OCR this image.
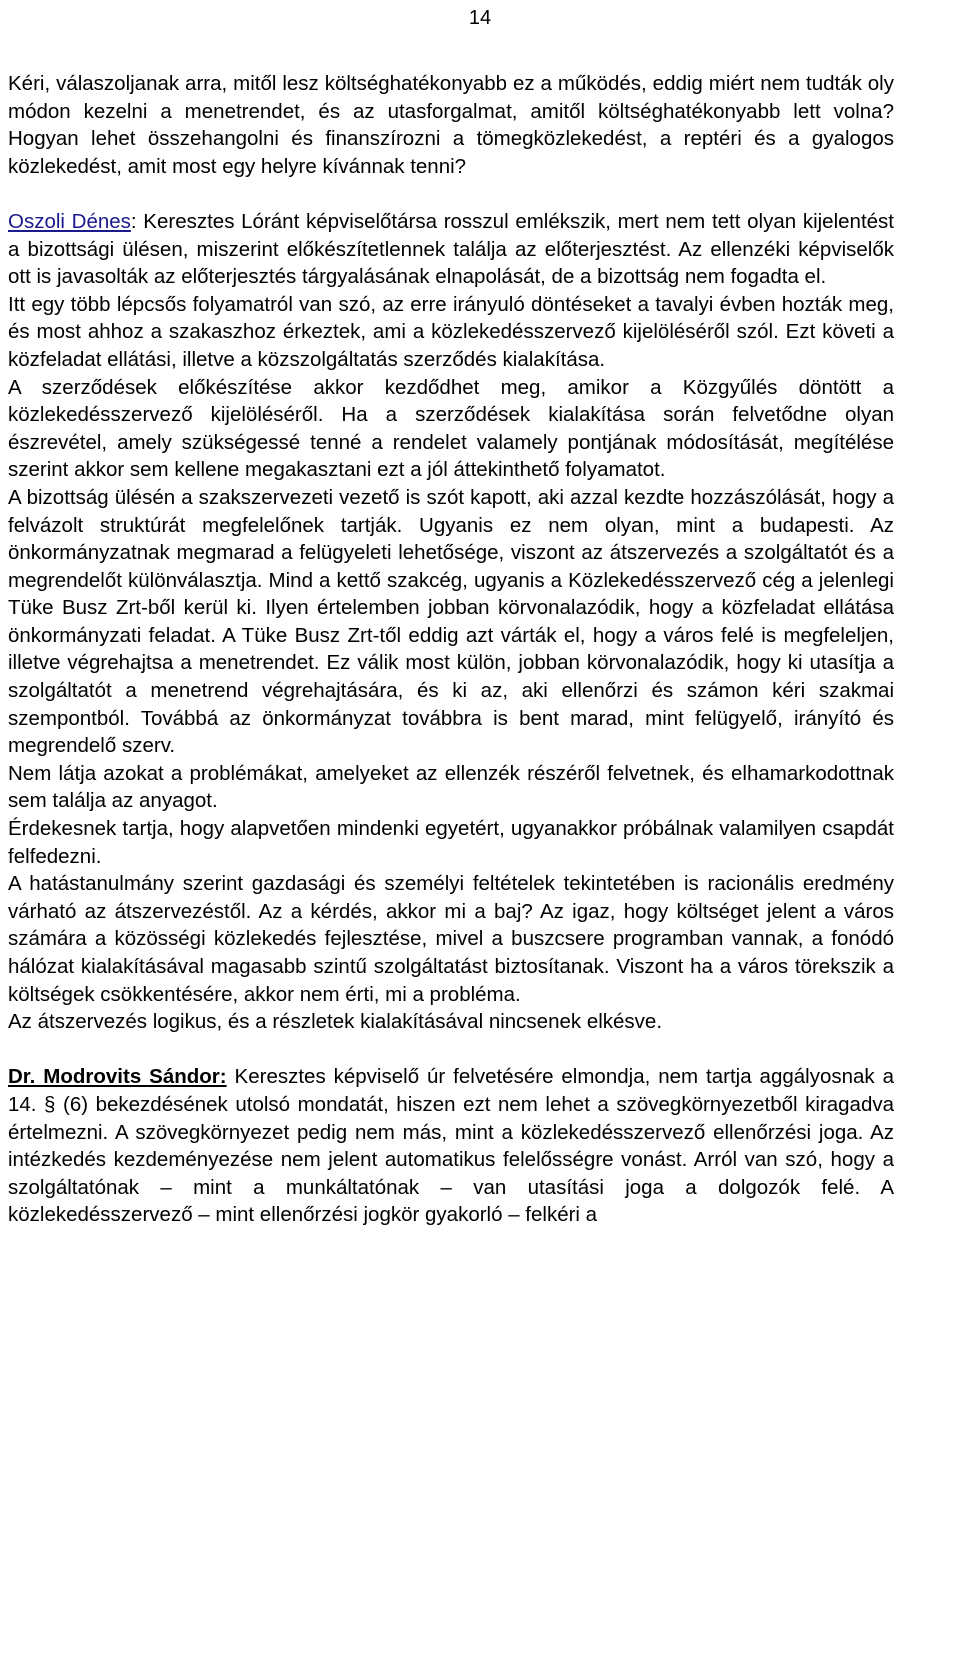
14

Kéri, válaszoljanak arra, mitől lesz költséghatékonyabb ez a működés, eddig miért nem tudták oly módon kezelni a menetrendet, és az utasforgalmat, amitől költséghatékonyabb lett volna? Hogyan lehet összehangolni és finanszírozni a tömegközlekedést, a reptéri és a gyalogos közlekedést, amit most egy helyre kívánnak tenni?

Oszoli Dénes: Keresztes Lóránt képviselőtársa rosszul emlékszik, mert nem tett olyan kijelentést a bizottsági ülésen, miszerint előkészítetlennek találja az előterjesztést. Az ellenzéki képviselők ott is javasolták az előterjesztés tárgyalásának elnapolását, de a bizottság nem fogadta el.

Itt egy több lépcsős folyamatról van szó, az erre irányuló döntéseket a tavalyi évben hozták meg, és most ahhoz a szakaszhoz érkeztek, ami a közlekedésszervező kijelöléséről szól. Ezt követi a közfeladat ellátási, illetve a közszolgáltatás szerződés kialakítása.

A szerződések előkészítése akkor kezdődhet meg, amikor a Közgyűlés döntött a közlekedésszervező kijelöléséről. Ha a szerződések kialakítása során felvetődne olyan észrevétel, amely szükségessé tenné a rendelet valamely pontjának módosítását, megítélése szerint akkor sem kellene megakasztani ezt a jól áttekinthető folyamatot.

A bizottság ülésén a szakszervezeti vezető is szót kapott, aki azzal kezdte hozzászólását, hogy a felvázolt struktúrát megfelelőnek tartják. Ugyanis ez nem olyan, mint a budapesti. Az önkormányzatnak megmarad a felügyeleti lehetősége, viszont az átszervezés a szolgáltatót és a megrendelőt különválasztja. Mind a kettő szakcég, ugyanis a Közlekedésszervező cég a jelenlegi Tüke Busz Zrt-ből kerül ki. Ilyen értelemben jobban körvonalazódik, hogy a közfeladat ellátása önkormányzati feladat. A Tüke Busz Zrt-től eddig azt várták el, hogy a város felé is megfeleljen, illetve végrehajtsa a menetrendet. Ez válik most külön, jobban körvonalazódik, hogy ki utasítja a szolgáltatót a menetrend végrehajtására, és ki az, aki ellenőrzi és számon kéri szakmai szempontból. Továbbá az önkormányzat továbbra is bent marad, mint felügyelő, irányító és megrendelő szerv.

Nem látja azokat a problémákat, amelyeket az ellenzék részéről felvetnek, és elhamarkodottnak sem találja az anyagot.

Érdekesnek tartja, hogy alapvetően mindenki egyetért, ugyanakkor próbálnak valamilyen csapdát felfedezni.

A hatástanulmány szerint gazdasági és személyi feltételek tekintetében is racionális eredmény várható az átszervezéstől. Az a kérdés, akkor mi a baj? Az igaz, hogy költséget jelent a város számára a közösségi közlekedés fejlesztése, mivel a buszcsere programban vannak, a fonódó hálózat kialakításával magasabb szintű szolgáltatást biztosítanak. Viszont ha a város törekszik a költségek csökkentésére, akkor nem érti, mi a probléma.

Az átszervezés logikus, és a részletek kialakításával nincsenek elkésve.

Dr. Modrovits Sándor: Keresztes képviselő úr felvetésére elmondja, nem tartja aggályosnak a 14. § (6) bekezdésének utolsó mondatát, hiszen ezt nem lehet a szövegkörnyezetből kiragadva értelmezni. A szövegkörnyezet pedig nem más, mint a közlekedésszervező ellenőrzési joga. Az intézkedés kezdeményezése nem jelent automatikus felelősségre vonást. Arról van szó, hogy a szolgáltatónak – mint a munkáltatónak – van utasítási joga a dolgozók felé. A közlekedésszervező – mint ellenőrzési jogkör gyakorló – felkéri a
